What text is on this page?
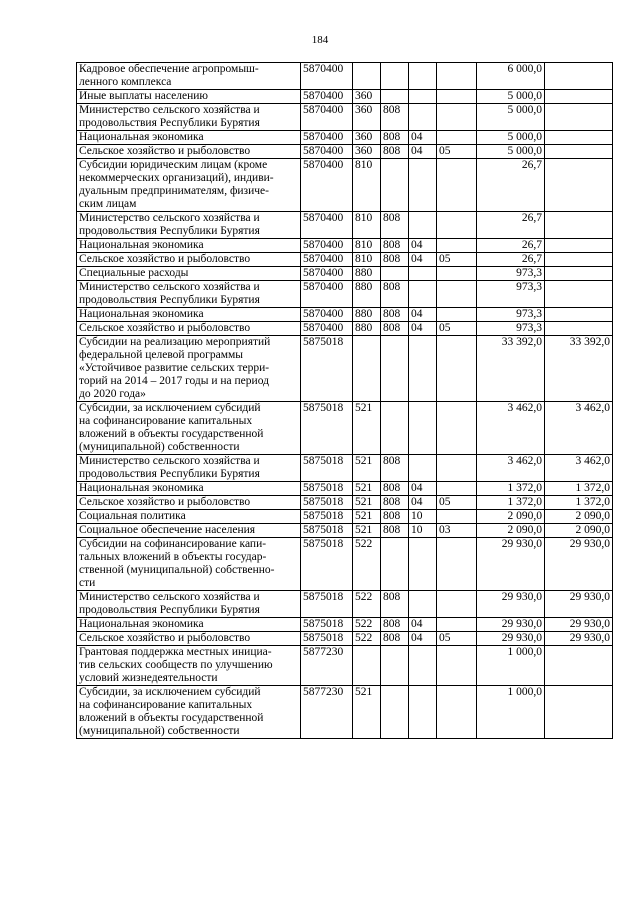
184
Кадровое обеспечение агропромыш-
ленного комплекса	5870400					6 000,0	
Иные выплаты населению	5870400	360				5 000,0	
Министерство сельского хозяйства и
продовольствия Республики Бурятия	5870400	360	808			5 000,0	
Национальная экономика	5870400	360	808	04		5 000,0	
Сельское хозяйство и рыболовство	5870400	360	808	04	05	5 000,0	
Субсидии юридическим лицам (кроме
некоммерческих организаций), индиви-
дуальным предпринимателям, физиче-
ским лицам	5870400	810				26,7	
Министерство сельского хозяйства и
продовольствия Республики Бурятия	5870400	810	808			26,7	
Национальная экономика	5870400	810	808	04		26,7	
Сельское хозяйство и рыболовство	5870400	810	808	04	05	26,7	
Специальные расходы	5870400	880				973,3	
Министерство сельского хозяйства и
продовольствия Республики Бурятия	5870400	880	808			973,3	
Национальная экономика	5870400	880	808	04		973,3	
Сельское хозяйство и рыболовство	5870400	880	808	04	05	973,3	
Субсидии на реализацию мероприятий
федеральной целевой программы
«Устойчивое развитие сельских терри-
торий на 2014 – 2017 годы и на период
до 2020 года»	5875018					33 392,0	33 392,0
Субсидии, за исключением субсидий
на софинансирование капитальных
вложений в объекты государственной
(муниципальной) собственности	5875018	521				3 462,0	3 462,0
Министерство сельского хозяйства и
продовольствия Республики Бурятия	5875018	521	808			3 462,0	3 462,0
Национальная экономика	5875018	521	808	04		1 372,0	1 372,0
Сельское хозяйство и рыболовство	5875018	521	808	04	05	1 372,0	1 372,0
Социальная политика	5875018	521	808	10		2 090,0	2 090,0
Социальное обеспечение населения	5875018	521	808	10	03	2 090,0	2 090,0
Субсидии на софинансирование капи-
тальных вложений в объекты государ-
ственной (муниципальной) собственно-
сти	5875018	522				29 930,0	29 930,0
Министерство сельского хозяйства и
продовольствия Республики Бурятия	5875018	522	808			29 930,0	29 930,0
Национальная экономика	5875018	522	808	04		29 930,0	29 930,0
Сельское хозяйство и рыболовство	5875018	522	808	04	05	29 930,0	29 930,0
Грантовая поддержка местных инициа-
тив сельских сообществ по улучшению
условий жизнедеятельности	5877230					1 000,0	
Субсидии, за исключением субсидий
на софинансирование капитальных
вложений в объекты государственной
(муниципальной) собственности	5877230	521				1 000,0	
